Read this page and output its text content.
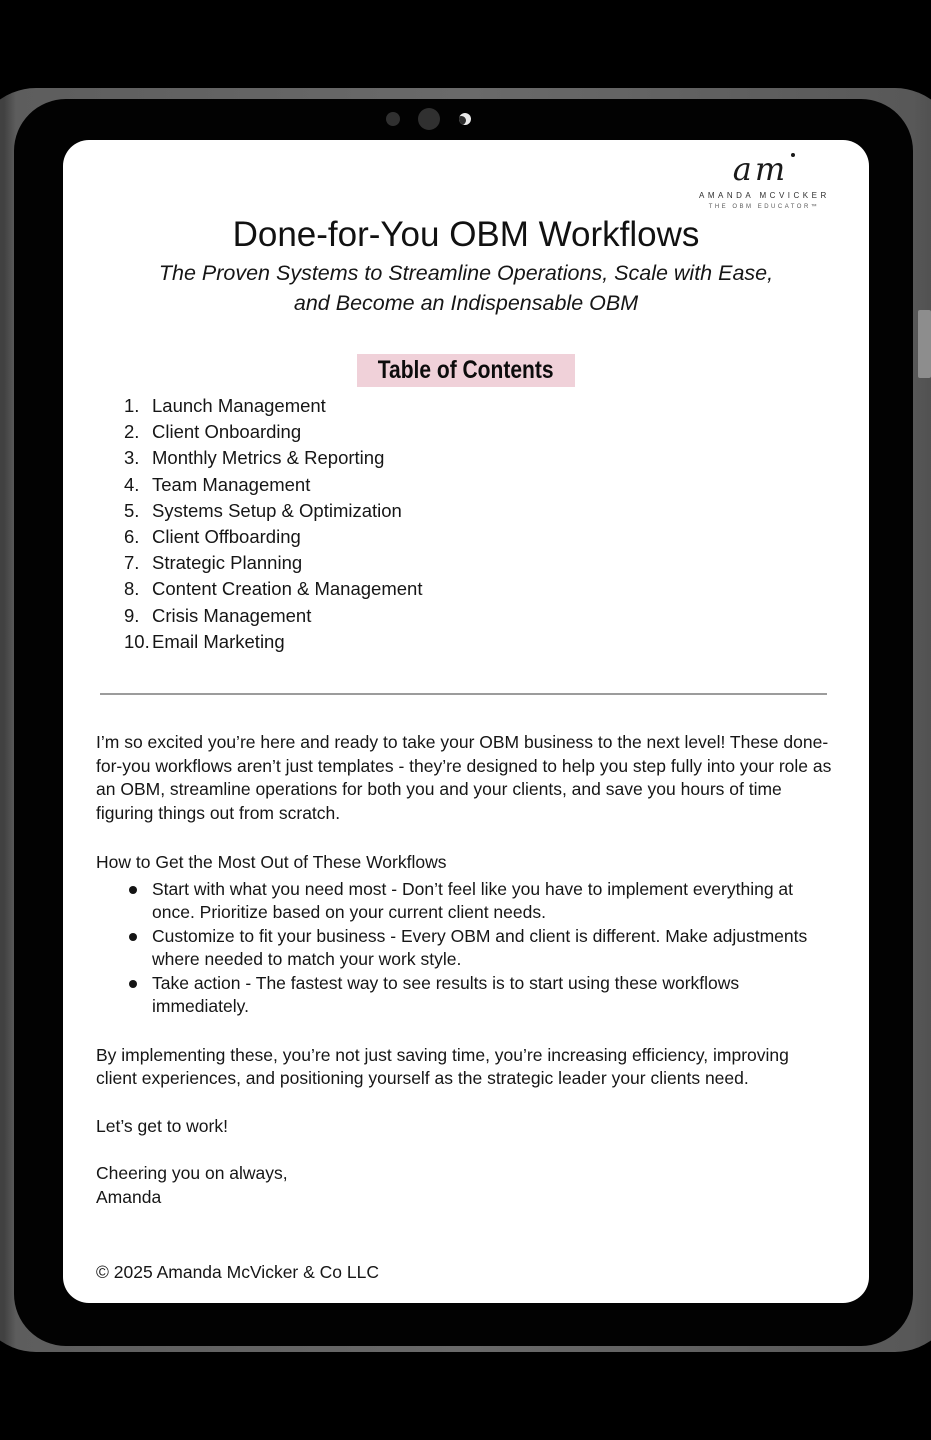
am
AMANDA MCVICKER
THE OBM EDUCATOR™
Done-for-You OBM Workflows
The Proven Systems to Streamline Operations, Scale with Ease, and Become an Indispensable OBM
Table of Contents
Launch Management
Client Onboarding
Monthly Metrics & Reporting
Team Management
Systems Setup & Optimization
Client Offboarding
Strategic Planning
Content Creation & Management
Crisis Management
Email Marketing

I’m so excited you’re here and ready to take your OBM business to the next level! These done-for-you workflows aren’t just templates - they’re designed to help you step fully into your role as an OBM, streamline operations for both you and your clients, and save you hours of time figuring things out from scratch.

How to Get the Most Out of These Workflows

Start with what you need most - Don’t feel like you have to implement everything at once. Prioritize based on your current client needs.
Customize to fit your business - Every OBM and client is different. Make adjustments where needed to match your work style.
Take action - The fastest way to see results is to start using these workflows immediately.

By implementing these, you’re not just saving time, you’re increasing efficiency, improving client experiences, and positioning yourself as the strategic leader your clients need.

Let’s get to work!

Cheering you on always,
Amanda

© 2025 Amanda McVicker & Co LLC
